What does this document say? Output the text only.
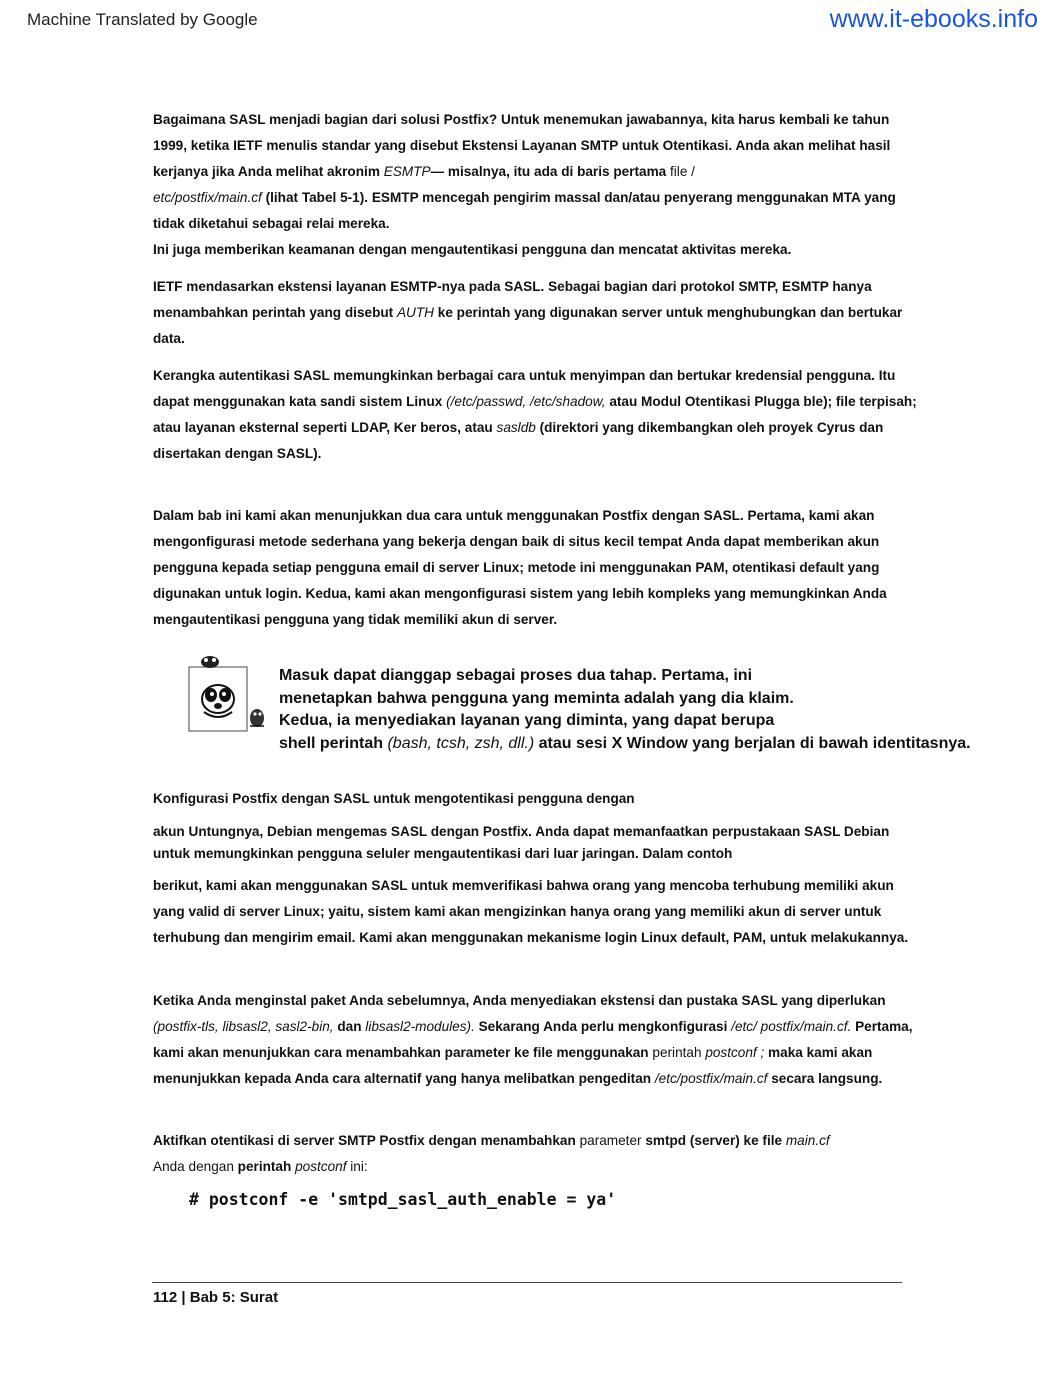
Machine Translated by Google	www.it-ebooks.info

Bagaimana SASL menjadi bagian dari solusi Postfix? Untuk menemukan jawabannya, kita harus kembali ke tahun 1999, ketika IETF menulis standar yang disebut Ekstensi Layanan SMTP untuk Otentikasi. Anda akan melihat hasil kerjanya jika Anda melihat akronim ESMTP— misalnya, itu ada di baris pertama file /
etc/postfix/main.cf (lihat Tabel 5-1). ESMTP mencegah pengirim massal dan/atau penyerang menggunakan MTA yang tidak diketahui sebagai relai mereka.
Ini juga memberikan keamanan dengan mengautentikasi pengguna dan mencatat aktivitas mereka.

IETF mendasarkan ekstensi layanan ESMTP-nya pada SASL. Sebagai bagian dari protokol SMTP, ESMTP hanya menambahkan perintah yang disebut AUTH ke perintah yang digunakan server untuk menghubungkan dan bertukar data.

Kerangka autentikasi SASL memungkinkan berbagai cara untuk menyimpan dan bertukar kredensial pengguna. Itu dapat menggunakan kata sandi sistem Linux (/etc/passwd, /etc/shadow, atau Modul Otentikasi Plugga ble); file terpisah; atau layanan eksternal seperti LDAP, Ker beros, atau sasldb (direktori yang dikembangkan oleh proyek Cyrus dan disertakan dengan SASL).

Dalam bab ini kami akan menunjukkan dua cara untuk menggunakan Postfix dengan SASL. Pertama, kami akan mengonfigurasi metode sederhana yang bekerja dengan baik di situs kecil tempat Anda dapat memberikan akun pengguna kepada setiap pengguna email di server Linux; metode ini menggunakan PAM, otentikasi default yang digunakan untuk login. Kedua, kami akan mengonfigurasi sistem yang lebih kompleks yang memungkinkan Anda mengautentikasi pengguna yang tidak memiliki akun di server.

Masuk dapat dianggap sebagai proses dua tahap. Pertama, ini
menetapkan bahwa pengguna yang meminta adalah yang dia klaim.
Kedua, ia menyediakan layanan yang diminta, yang dapat berupa
shell perintah (bash, tcsh, zsh, dll.) atau sesi X Window yang berjalan di bawah identitasnya.

Konfigurasi Postfix dengan SASL untuk mengotentikasi pengguna dengan

akun Untungnya, Debian mengemas SASL dengan Postfix. Anda dapat memanfaatkan perpustakaan SASL Debian untuk memungkinkan pengguna seluler mengautentikasi dari luar jaringan. Dalam contoh

berikut, kami akan menggunakan SASL untuk memverifikasi bahwa orang yang mencoba terhubung memiliki akun yang valid di server Linux; yaitu, sistem kami akan mengizinkan hanya orang yang memiliki akun di server untuk terhubung dan mengirim email. Kami akan menggunakan mekanisme login Linux default, PAM, untuk melakukannya.

Ketika Anda menginstal paket Anda sebelumnya, Anda menyediakan ekstensi dan pustaka SASL yang diperlukan (postfix-tls, libsasl2, sasl2-bin, dan libsasl2-modules). Sekarang Anda perlu mengkonfigurasi /etc/ postfix/main.cf. Pertama, kami akan menunjukkan cara menambahkan parameter ke file menggunakan perintah postconf ; maka kami akan menunjukkan kepada Anda cara alternatif yang hanya melibatkan pengeditan /etc/postfix/main.cf secara langsung.

Aktifkan otentikasi di server SMTP Postfix dengan menambahkan parameter smtpd (server) ke file main.cf
Anda dengan perintah postconf ini:

# postconf -e 'smtpd_sasl_auth_enable = ya'
112 | Bab 5: Surat
